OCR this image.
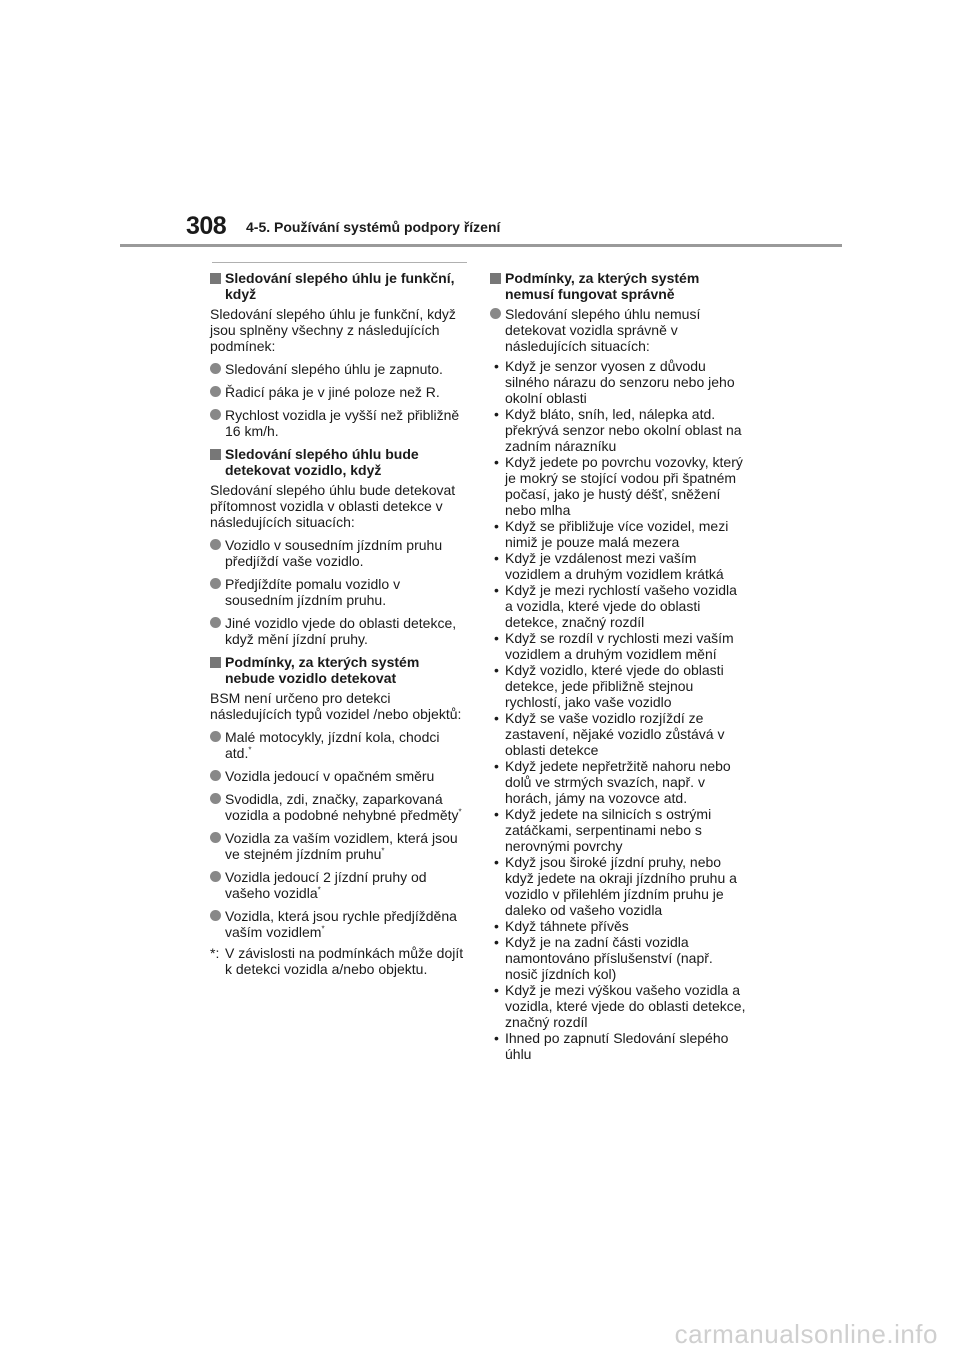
308 4-5. Používání systémů podpory řízení
Sledování slepého úhlu je funkční, když
Sledování slepého úhlu je funkční, když jsou splněny všechny z následujících podmínek:
Sledování slepého úhlu je zapnuto.
Řadicí páka je v jiné poloze než R.
Rychlost vozidla je vyšší než přibližně 16 km/h.
Sledování slepého úhlu bude detekovat vozidlo, když
Sledování slepého úhlu bude detekovat přítomnost vozidla v oblasti detekce v následujících situacích:
Vozidlo v sousedním jízdním pruhu předjíždí vaše vozidlo.
Předjíždíte pomalu vozidlo v sousedním jízdním pruhu.
Jiné vozidlo vjede do oblasti detekce, když mění jízdní pruhy.
Podmínky, za kterých systém nebude vozidlo detekovat
BSM není určeno pro detekci následujících typů vozidel /nebo objektů:
Malé motocykly, jízdní kola, chodci atd.*
Vozidla jedoucí v opačném směru
Svodidla, zdi, značky, zaparkovaná vozidla a podobné nehybné předměty*
Vozidla za vaším vozidlem, která jsou ve stejném jízdním pruhu*
Vozidla jedoucí 2 jízdní pruhy od vašeho vozidla*
Vozidla, která jsou rychle předjížděna vaším vozidlem*
*: V závislosti na podmínkách může dojít k detekci vozidla a/nebo objektu.
Podmínky, za kterých systém nemusí fungovat správně
Sledování slepého úhlu nemusí detekovat vozidla správně v následujících situacích:
• Když je senzor vyosen z důvodu silného nárazu do senzoru nebo jeho okolní oblasti
• Když bláto, sníh, led, nálepka atd. překrývá senzor nebo okolní oblast na zadním nárazníku
• Když jedete po povrchu vozovky, který je mokrý se stojící vodou při špatném počasí, jako je hustý déšť, sněžení nebo mlha
• Když se přibližuje více vozidel, mezi nimiž je pouze malá mezera
• Když je vzdálenost mezi vaším vozidlem a druhým vozidlem krátká
• Když je mezi rychlostí vašeho vozidla a vozidla, které vjede do oblasti detekce, značný rozdíl
• Když se rozdíl v rychlosti mezi vaším vozidlem a druhým vozidlem mění
• Když vozidlo, které vjede do oblasti detekce, jede přibližně stejnou rychlostí, jako vaše vozidlo
• Když se vaše vozidlo rozjíždí ze zastavení, nějaké vozidlo zůstává v oblasti detekce
• Když jedete nepřetržitě nahoru nebo dolů ve strmých svazích, např. v horách, jámy na vozovce atd.
• Když jedete na silnicích s ostrými zatáčkami, serpentinami nebo s nerovnými povrchy
• Když jsou široké jízdní pruhy, nebo když jedete na okraji jízdního pruhu a vozidlo v přilehlém jízdním pruhu je daleko od vašeho vozidla
• Když táhnete přívěs
• Když je na zadní části vozidla namontováno příslušenství (např. nosič jízdních kol)
• Když je mezi výškou vašeho vozidla a vozidla, které vjede do oblasti detekce, značný rozdíl
• Ihned po zapnutí Sledování slepého úhlu
carmanualsonline.info
